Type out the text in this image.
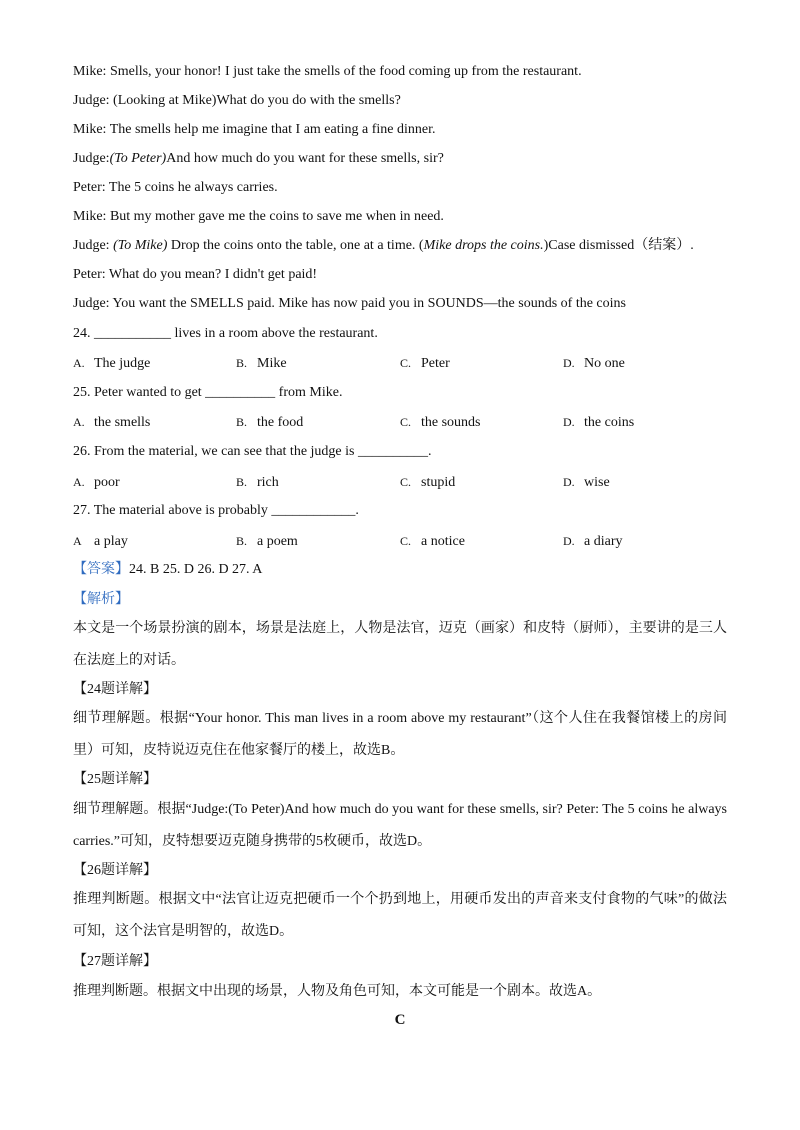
Mike: Smells, your honor! I just take the smells of the food coming up from the restaurant.
Judge: (Looking at Mike)What do you do with the smells?
Mike: The smells help me imagine that I am eating a fine dinner.
Judge:(To Peter)And how much do you want for these smells, sir?
Peter: The 5 coins he always carries.
Mike: But my mother gave me the coins to save me when in need.
Judge: (To Mike) Drop the coins onto the table, one at a time. (Mike drops the coins.)Case dismissed（结案）.
Peter: What do you mean? I didn't get paid!
Judge: You want the SMELLS paid. Mike has now paid you in SOUNDS—the sounds of the coins
24. ___________ lives in a room above the restaurant.
A. The judge	B. Mike	C. Peter	D. No one
25. Peter wanted to get __________ from Mike.
A. the smells	B. the food	C. the sounds	D. the coins
26. From the material, we can see that the judge is __________.
A. poor	B. rich	C. stupid	D. wise
27. The material above is probably ____________.
A a play	B. a poem	C. a notice	D. a diary
【答案】24. B 25. D 26. D 27. A
【解析】
本文是一个场景扮演的剧本，场景是法庭上，人物是法官，迈克（画家）和皮特（厨师），主要讲的是三人在法庭上的对话。
【24题详解】
细节理解题。根据“Your honor. This man lives in a room above my restaurant”（这个人住在我餐馆楼上的房间里）可知，皮特说迈克住在他家餐厅的楼上，故选B。
【25题详解】
细节理解题。根据“Judge:(To Peter)And how much do you want for these smells, sir? Peter: The 5 coins he always carries.”可知，皮特想要迈克随身携带的5枚硬币，故选D。
【26题详解】
推理判断题。根据文中“法官让迈克把硬币一个个扔到地上，用硬币发出的声音来支付食物的气味”的做法可知，这个法官是明智的，故选D。
【27题详解】
推理判断题。根据文中出现的场景，人物及角色可知，本文可能是一个剧本。故选A。
C
